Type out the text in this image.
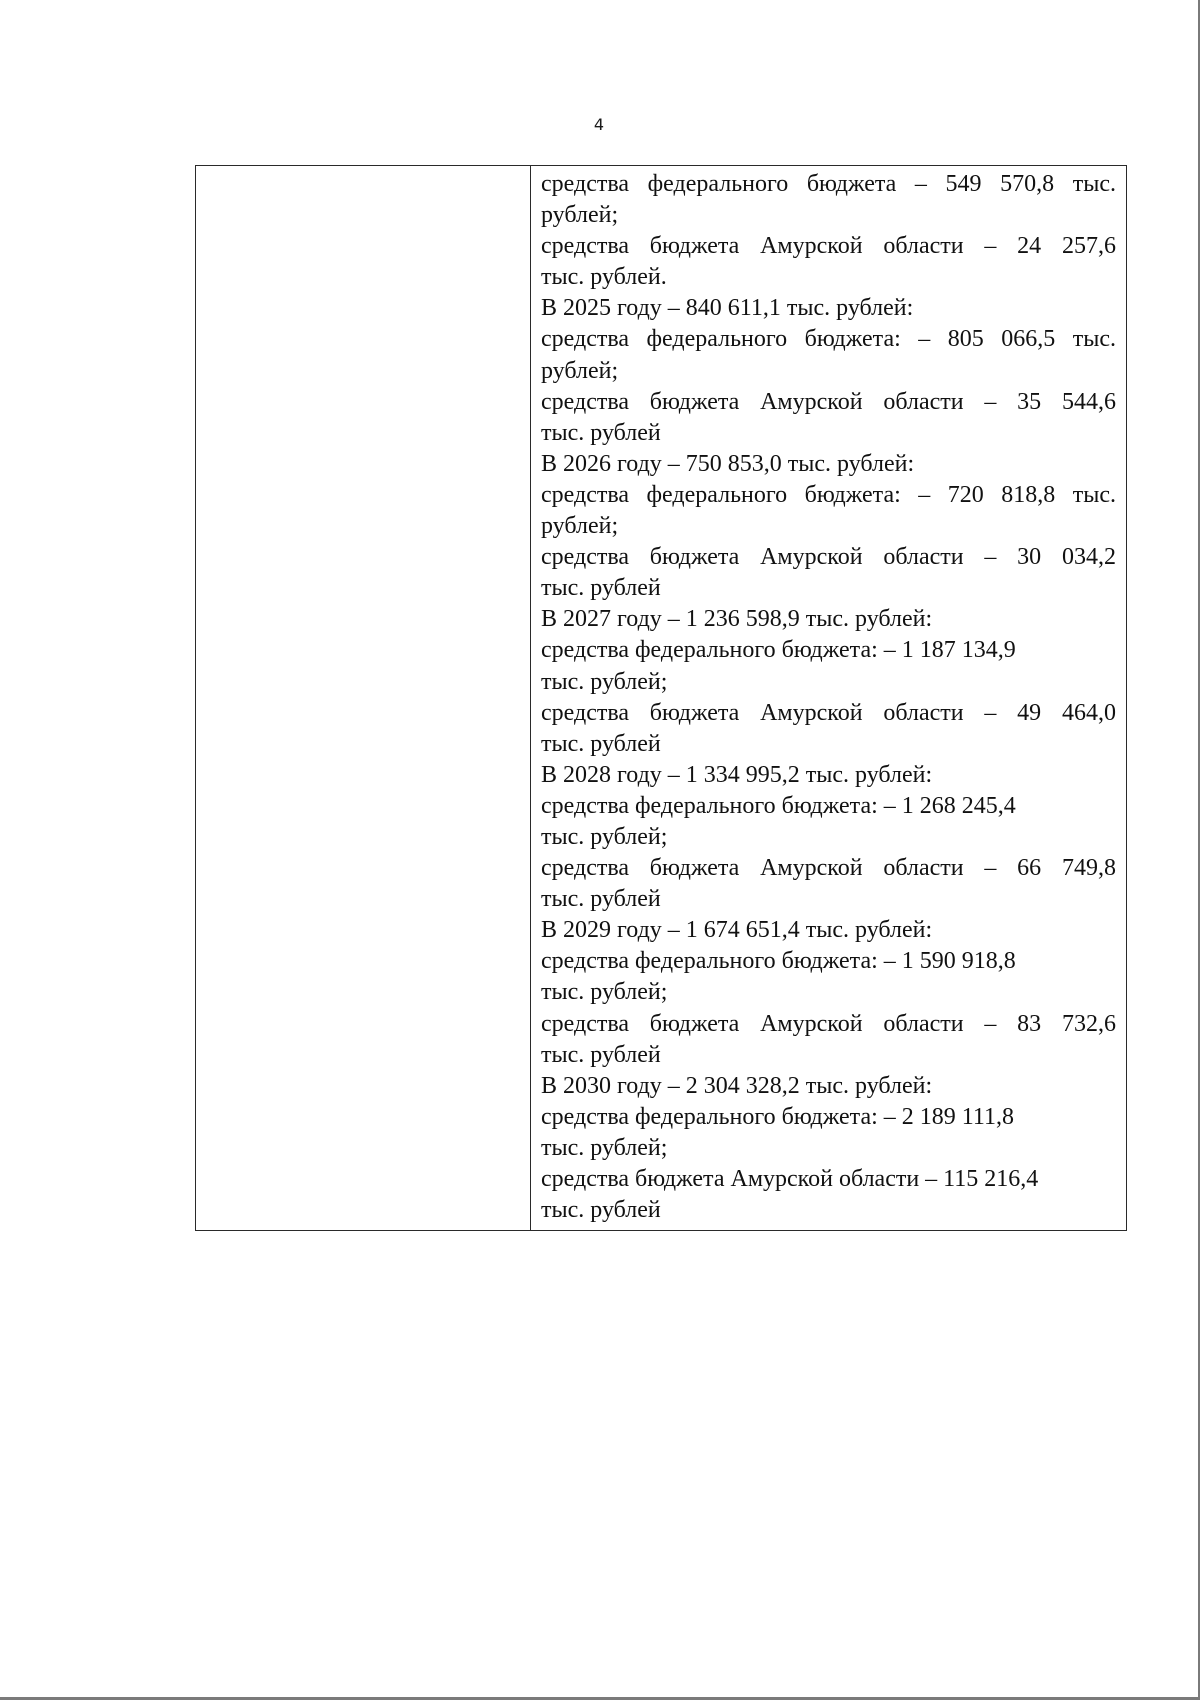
4

средства федерального бюджета – 549 570,8 тыс.
рублей;
средства бюджета Амурской области – 24 257,6
тыс. рублей.
В 2025 году – 840 611,1 тыс. рублей:
средства федерального бюджета: – 805 066,5 тыс.
рублей;
средства бюджета Амурской области – 35 544,6
тыс. рублей
В 2026 году – 750 853,0 тыс. рублей:
средства федерального бюджета: – 720 818,8 тыс.
рублей;
средства бюджета Амурской области – 30 034,2
тыс. рублей
В 2027 году – 1 236 598,9 тыс. рублей:
средства федерального бюджета: – 1 187 134,9
тыс. рублей;
средства бюджета Амурской области – 49 464,0
тыс. рублей
В 2028 году – 1 334 995,2 тыс. рублей:
средства федерального бюджета: – 1 268 245,4
тыс. рублей;
средства бюджета Амурской области – 66 749,8
тыс. рублей
В 2029 году – 1 674 651,4 тыс. рублей:
средства федерального бюджета: – 1 590 918,8
тыс. рублей;
средства бюджета Амурской области – 83 732,6
тыс. рублей
В 2030 году – 2 304 328,2 тыс. рублей:
средства федерального бюджета: – 2 189 111,8
тыс. рублей;
средства бюджета Амурской области – 115 216,4
тыс. рублей
